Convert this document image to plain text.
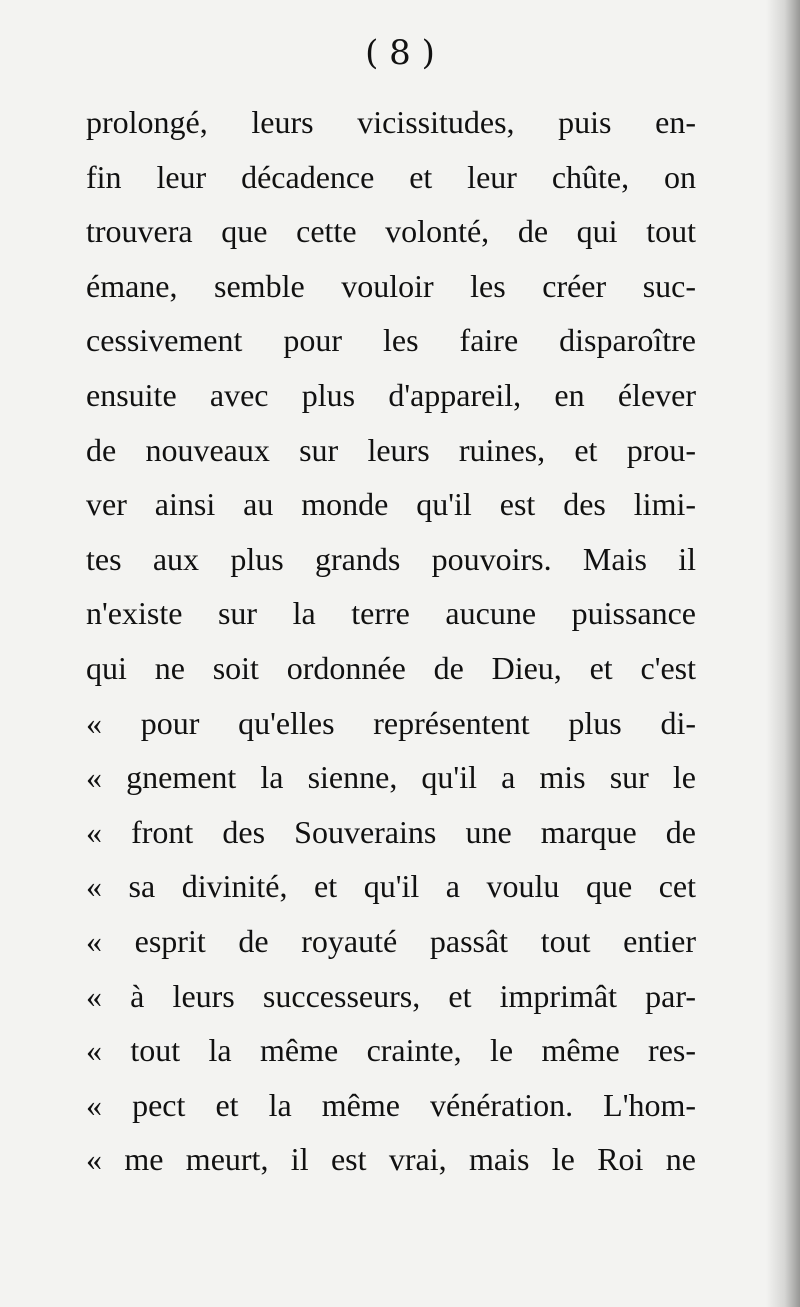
( 8 )
prolongé, leurs vicissitudes, puis en-
fin leur décadence et leur chûte, on
trouvera que cette volonté, de qui tout
émane, semble vouloir les créer suc-
cessivement pour les faire disparoître
ensuite avec plus d'appareil, en élever
de nouveaux sur leurs ruines, et prou-
ver ainsi au monde qu'il est des limi-
tes aux plus grands pouvoirs. Mais il
n'existe sur la terre aucune puissance
qui ne soit ordonnée de Dieu, et c'est
« pour qu'elles représentent plus di-
« gnement la sienne, qu'il a mis sur le
« front des Souverains une marque de
« sa divinité, et qu'il a voulu que cet
« esprit de royauté passât tout entier
« à leurs successeurs, et imprimât par-
« tout la même crainte, le même res-
« pect et la même vénération. L'hom-
« me meurt, il est vrai, mais le Roi ne
